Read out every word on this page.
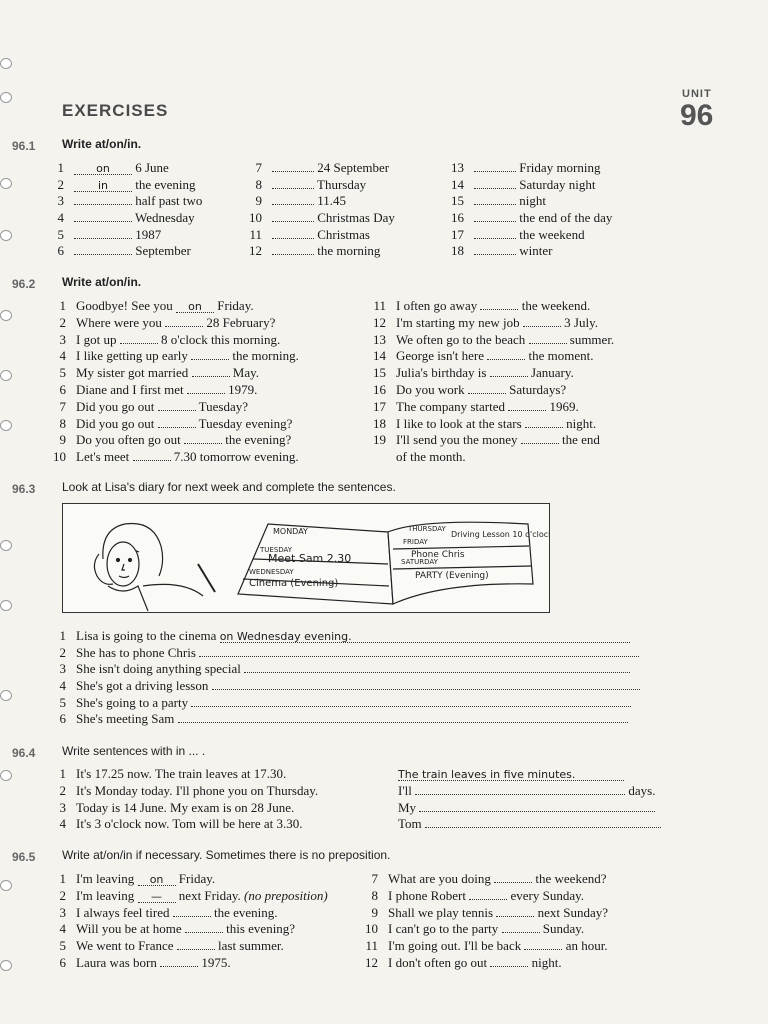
UNIT
96
EXERCISES
96.1 Write at/on/in.
1	on 6 June
2	in the evening
3	half past two
4	Wednesday
5	1987
6	September
7	24 September
8	Thursday
9	11.45
10	Christmas Day
11	Christmas
12	the morning
13	Friday morning
14	Saturday night
15	night
16	the end of the day
17	the weekend
18	winter
96.2 Write at/on/in.
1 Goodbye! See you on Friday.
2 Where were you	28 February?
3 I got up	8 o'clock this morning.
4 I like getting up early	the morning.
5 My sister got married	May.
6 Diane and I first met	1979.
7 Did you go out	Tuesday?
8 Did you go out	Tuesday evening?
9 Do you often go out	the evening?
10 Let's meet	7.30 tomorrow evening.
11 I often go away	the weekend.
12 I'm starting my new job	3 July.
13 We often go to the beach	summer.
14 George isn't here	the moment.
15 Julia's birthday is	January.
16 Do you work	Saturdays?
17 The company started	1969.
18 I like to look at the stars	night.
19 I'll send you the money	the end
of the month.
96.3 Look at Lisa's diary for next week and complete the sentences.
MONDAY
TUESDAY
Meet Sam 2.30
WEDNESDAY
Cinema (Evening)
THURSDAY
Driving Lesson 10 o'clock
FRIDAY
Phone Chris
SATURDAY
PARTY (Evening)
1 Lisa is going to the cinema on Wednesday evening.
2 She has to phone Chris
3 She isn't doing anything special
4 She's got a driving lesson
5 She's going to a party
6 She's meeting Sam
96.4 Write sentences with in ... .
1 It's 17.25 now. The train leaves at 17.30.	The train leaves in five minutes.
2 It's Monday today. I'll phone you on Thursday.	I'll	days.
3 Today is 14 June. My exam is on 28 June.	My
4 It's 3 o'clock now. Tom will be here at 3.30.	Tom
96.5 Write at/on/in if necessary. Sometimes there is no preposition.
1 I'm leaving on Friday.
2 I'm leaving — next Friday. (no preposition)
3 I always feel tired	the evening.
4 Will you be at home	this evening?
5 We went to France	last summer.
6 Laura was born	1975.
7 What are you doing	the weekend?
8 I phone Robert	every Sunday.
9 Shall we play tennis	next Sunday?
10 I can't go to the party	Sunday.
11 I'm going out. I'll be back	an hour.
12 I don't often go out	night.
